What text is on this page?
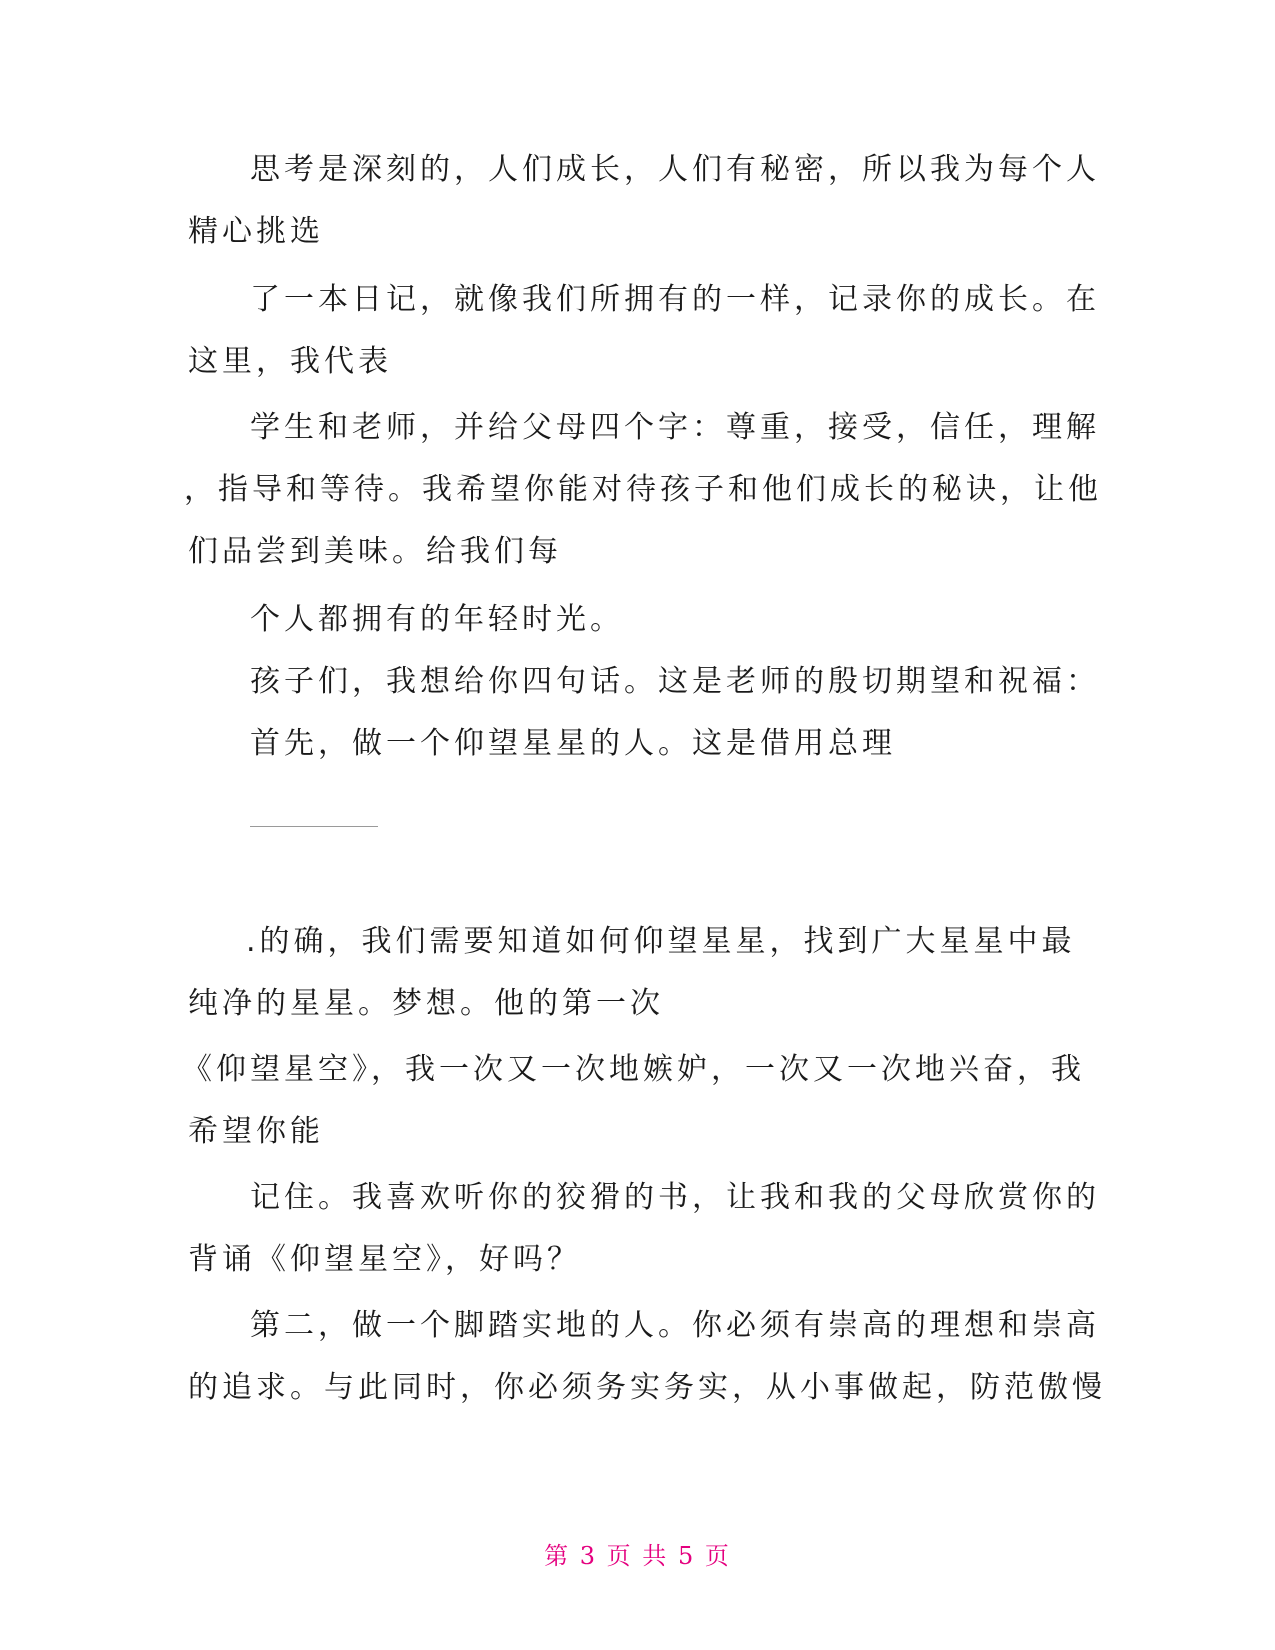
思考是深刻的，人们成长，人们有秘密，所以我为每个人
精心挑选
了一本日记，就像我们所拥有的一样，记录你的成长。在
这里，我代表
学生和老师，并给父母四个字：尊重，接受，信任，理解
，指导和等待。我希望你能对待孩子和他们成长的秘诀，让他
们品尝到美味。给我们每
个人都拥有的年轻时光。
孩子们，我想给你四句话。这是老师的殷切期望和祝福：
首先，做一个仰望星星的人。这是借用总理
.的确，我们需要知道如何仰望星星，找到广大星星中最
纯净的星星。梦想。他的第一次
《仰望星空》，我一次又一次地嫉妒，一次又一次地兴奋，我
希望你能
记住。我喜欢听你的狡猾的书，让我和我的父母欣赏你的
背诵《仰望星空》，好吗？
第二，做一个脚踏实地的人。你必须有崇高的理想和崇高
的追求。与此同时，你必须务实务实，从小事做起，防范傲慢
第 3 页 共 5 页
